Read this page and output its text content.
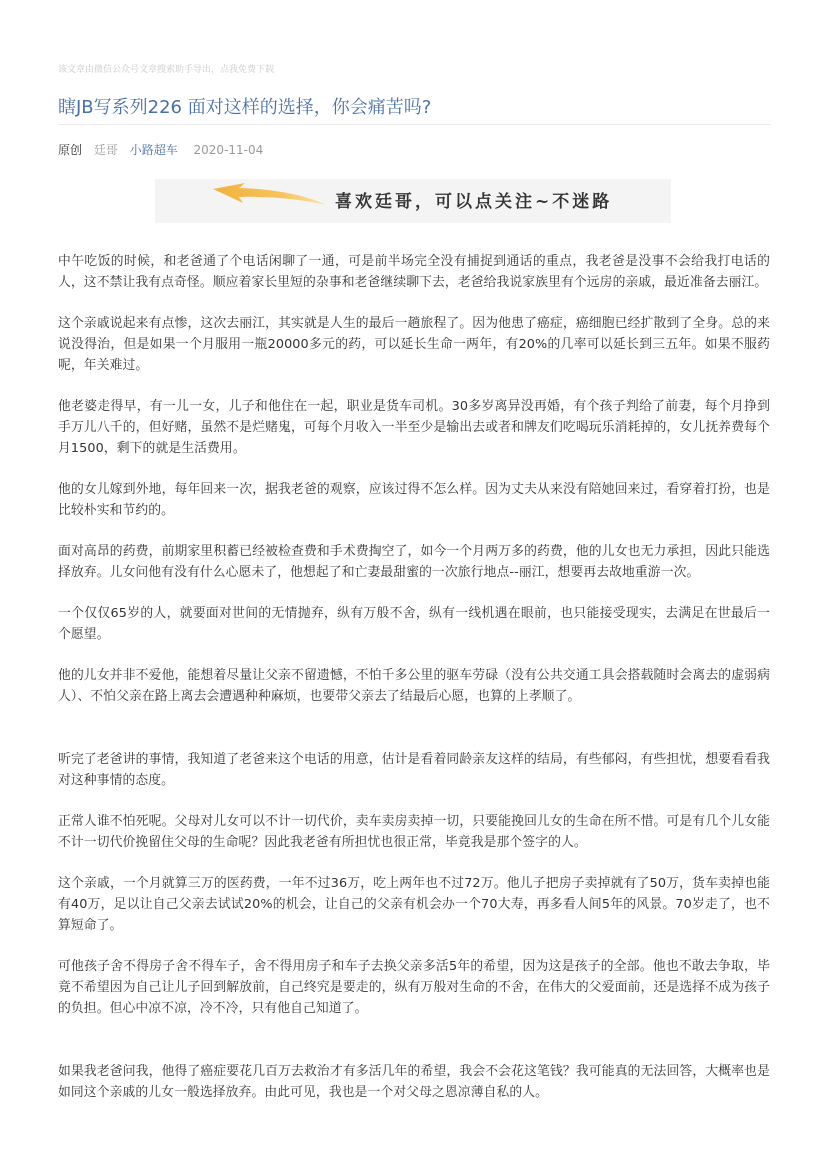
该文章由微信公众号文章搜索助手导出，点我免费下载
瞎JB写系列226 面对这样的选择，你会痛苦吗?
原创 廷哥 小路超车 2020-11-04
喜欢廷哥，可以点关注~不迷路

中午吃饭的时候，和老爸通了个电话闲聊了一通，可是前半场完全没有捕捉到通话的重点，我老爸是没事不会给我打电话的人，这不禁让我有点奇怪。顺应着家长里短的杂事和老爸继续聊下去，老爸给我说家族里有个远房的亲戚，最近准备去丽江。

这个亲戚说起来有点惨，这次去丽江，其实就是人生的最后一趟旅程了。因为他患了癌症，癌细胞已经扩散到了全身。总的来说没得治，但是如果一个月服用一瓶20000多元的药，可以延长生命一两年，有20%的几率可以延长到三五年。如果不服药呢，年关难过。

他老婆走得早，有一儿一女，儿子和他住在一起，职业是货车司机。30多岁离异没再婚，有个孩子判给了前妻，每个月挣到手万儿八千的，但好赌，虽然不是烂赌鬼，可每个月收入一半至少是输出去或者和牌友们吃喝玩乐消耗掉的，女儿抚养费每个月1500，剩下的就是生活费用。

他的女儿嫁到外地，每年回来一次，据我老爸的观察，应该过得不怎么样。因为丈夫从来没有陪她回来过，看穿着打扮，也是比较朴实和节约的。

面对高昂的药费，前期家里积蓄已经被检查费和手术费掏空了，如今一个月两万多的药费，他的儿女也无力承担，因此只能选择放弃。儿女问他有没有什么心愿未了，他想起了和亡妻最甜蜜的一次旅行地点--丽江，想要再去故地重游一次。

一个仅仅65岁的人，就要面对世间的无情抛弃，纵有万般不舍，纵有一线机遇在眼前，也只能接受现实，去满足在世最后一个愿望。

他的儿女并非不爱他，能想着尽量让父亲不留遗憾，不怕千多公里的驱车劳碌（没有公共交通工具会搭载随时会离去的虚弱病人）、不怕父亲在路上离去会遭遇种种麻烦，也要带父亲去了结最后心愿，也算的上孝顺了。

听完了老爸讲的事情，我知道了老爸来这个电话的用意，估计是看着同龄亲友这样的结局，有些郁闷，有些担忧，想要看看我对这种事情的态度。

正常人谁不怕死呢。父母对儿女可以不计一切代价，卖车卖房卖掉一切，只要能挽回儿女的生命在所不惜。可是有几个儿女能不计一切代价挽留住父母的生命呢？因此我老爸有所担忧也很正常，毕竟我是那个签字的人。

这个亲戚，一个月就算三万的医药费，一年不过36万，吃上两年也不过72万。他儿子把房子卖掉就有了50万，货车卖掉也能有40万，足以让自己父亲去试试20%的机会，让自己的父亲有机会办一个70大寿，再多看人间5年的风景。70岁走了，也不算短命了。

可他孩子舍不得房子舍不得车子，舍不得用房子和车子去换父亲多活5年的希望，因为这是孩子的全部。他也不敢去争取，毕竟不希望因为自己让儿子回到解放前，自己终究是要走的，纵有万般对生命的不舍，在伟大的父爱面前，还是选择不成为孩子的负担。但心中凉不凉，冷不冷，只有他自己知道了。

如果我老爸问我，他得了癌症要花几百万去救治才有多活几年的希望，我会不会花这笔钱？我可能真的无法回答，大概率也是如同这个亲戚的儿女一般选择放弃。由此可见，我也是一个对父母之恩凉薄自私的人。
